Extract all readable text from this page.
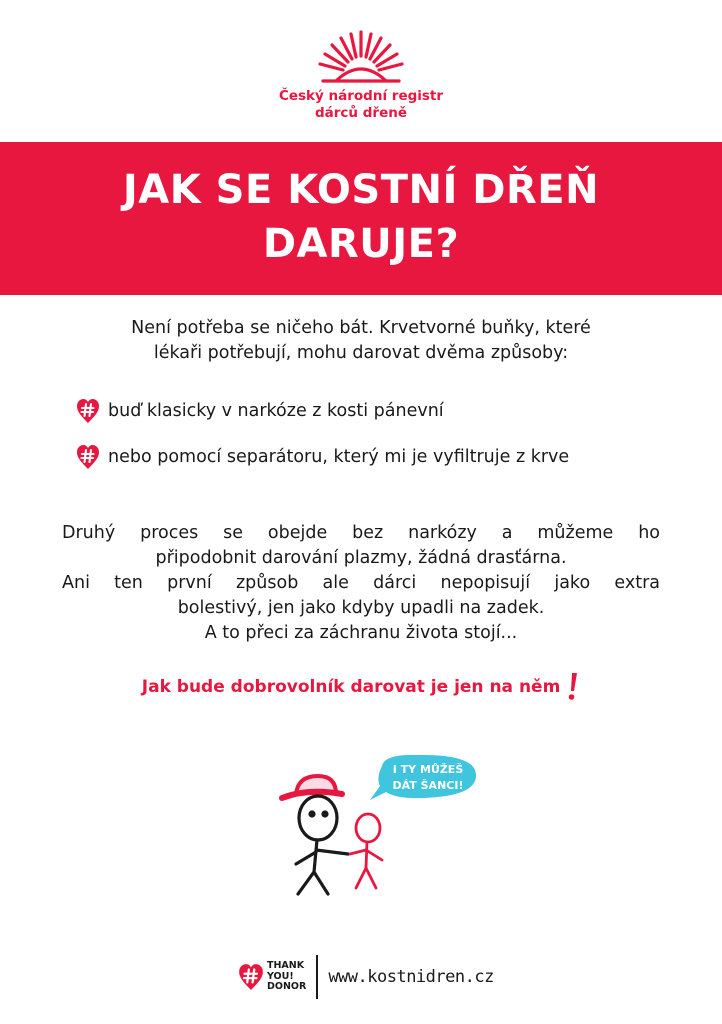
Český národní registr
dárců dřeně
JAK SE KOSTNÍ DŘEŇ
DARUJE?
Není potřeba se ničeho bát. Krvetvorné buňky, které
lékaři potřebují, mohu darovat dvěma způsoby:
buď klasicky v narkóze z kosti pánevní
nebo pomocí separátoru, který mi je vyfiltruje z krve
Druhý proces se obejde bez narkózy a můžeme ho
připodobnit darování plazmy, žádná drasťárna.
Ani ten první způsob ale dárci nepopisují jako extra
bolestivý, jen jako kdyby upadli na zadek.
A to přeci za záchranu života stojí...
Jak bude dobrovolník darovat je jen na něm
I TY MŮŽEŠ
DÁT ŠANCI!
THANK
YOU!
DONOR www.kostnidren.cz
